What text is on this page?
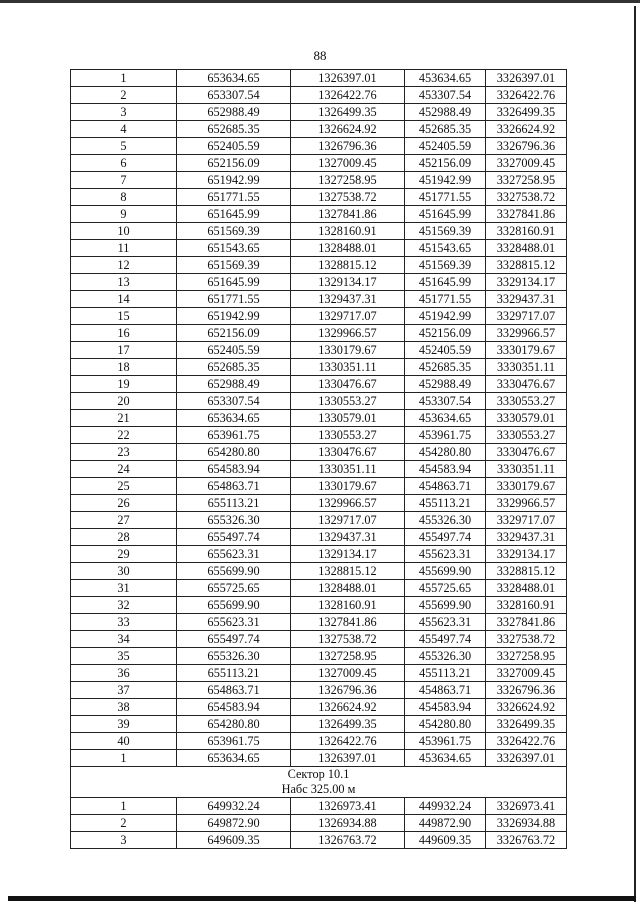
88
1	653634.65	1326397.01	453634.65	3326397.01
2	653307.54	1326422.76	453307.54	3326422.76
3	652988.49	1326499.35	452988.49	3326499.35
4	652685.35	1326624.92	452685.35	3326624.92
5	652405.59	1326796.36	452405.59	3326796.36
6	652156.09	1327009.45	452156.09	3327009.45
7	651942.99	1327258.95	451942.99	3327258.95
8	651771.55	1327538.72	451771.55	3327538.72
9	651645.99	1327841.86	451645.99	3327841.86
10	651569.39	1328160.91	451569.39	3328160.91
11	651543.65	1328488.01	451543.65	3328488.01
12	651569.39	1328815.12	451569.39	3328815.12
13	651645.99	1329134.17	451645.99	3329134.17
14	651771.55	1329437.31	451771.55	3329437.31
15	651942.99	1329717.07	451942.99	3329717.07
16	652156.09	1329966.57	452156.09	3329966.57
17	652405.59	1330179.67	452405.59	3330179.67
18	652685.35	1330351.11	452685.35	3330351.11
19	652988.49	1330476.67	452988.49	3330476.67
20	653307.54	1330553.27	453307.54	3330553.27
21	653634.65	1330579.01	453634.65	3330579.01
22	653961.75	1330553.27	453961.75	3330553.27
23	654280.80	1330476.67	454280.80	3330476.67
24	654583.94	1330351.11	454583.94	3330351.11
25	654863.71	1330179.67	454863.71	3330179.67
26	655113.21	1329966.57	455113.21	3329966.57
27	655326.30	1329717.07	455326.30	3329717.07
28	655497.74	1329437.31	455497.74	3329437.31
29	655623.31	1329134.17	455623.31	3329134.17
30	655699.90	1328815.12	455699.90	3328815.12
31	655725.65	1328488.01	455725.65	3328488.01
32	655699.90	1328160.91	455699.90	3328160.91
33	655623.31	1327841.86	455623.31	3327841.86
34	655497.74	1327538.72	455497.74	3327538.72
35	655326.30	1327258.95	455326.30	3327258.95
36	655113.21	1327009.45	455113.21	3327009.45
37	654863.71	1326796.36	454863.71	3326796.36
38	654583.94	1326624.92	454583.94	3326624.92
39	654280.80	1326499.35	454280.80	3326499.35
40	653961.75	1326422.76	453961.75	3326422.76
1	653634.65	1326397.01	453634.65	3326397.01

Сектор 10.1
Набс 325.00 м				

1	649932.24	1326973.41	449932.24	3326973.41
2	649872.90	1326934.88	449872.90	3326934.88
3	649609.35	1326763.72	449609.35	3326763.72
